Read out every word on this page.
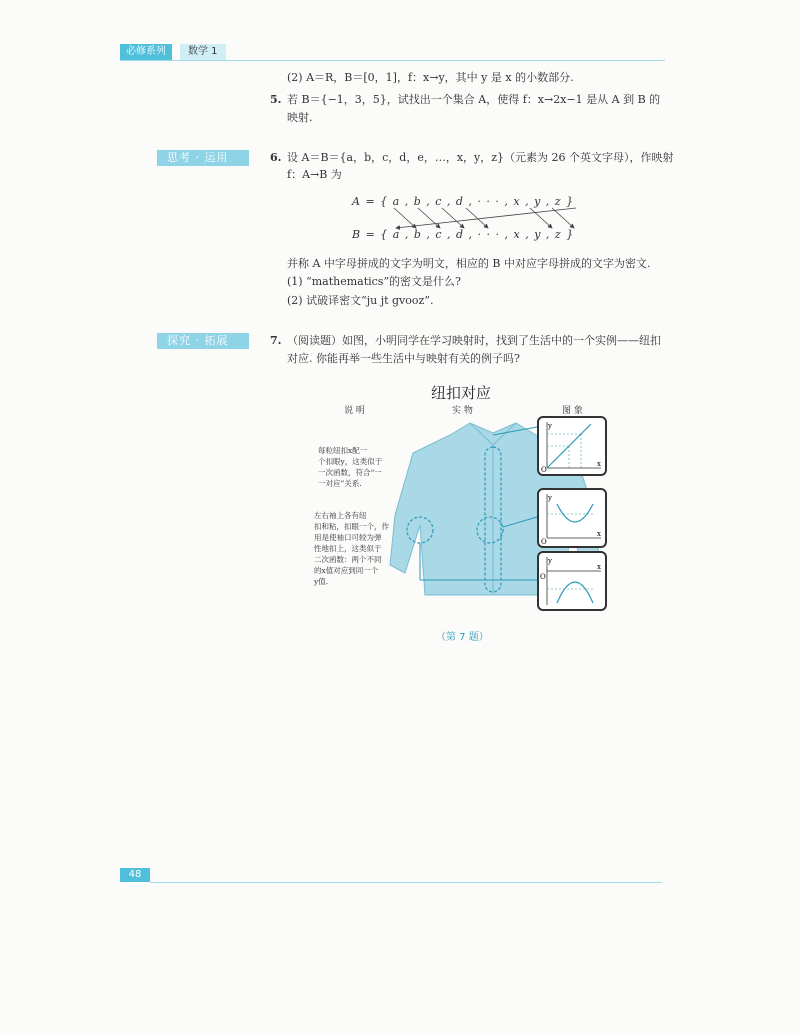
必修系列	数学 1
(2) A＝R，B＝[0，1]，f：x→y，其中 y 是 x 的小数部分.
5. 若 B＝{−1，3，5}，试找出一个集合 A，使得 f：x→2x−1 是从 A 到 B 的
映射.
思考 · 运用	6. 设 A＝B＝{a，b，c，d，e，…，x，y，z}（元素为 26 个英文字母），作映射
f：A→B 为
A = { a , b , c , d , · · · , x , y , z }
B = { a , b , c , d , · · · , x , y , z }
并称 A 中字母拼成的文字为明文，相应的 B 中对应字母拼成的文字为密文.
(1) “mathematics”的密文是什么?
(2) 试破译密文“ju jt gvooz”.
探究 · 拓展	7. （阅读题）如图，小明同学在学习映射时，找到了生活中的一个实例——纽扣
对应. 你能再举一些生活中与映射有关的例子吗?
纽扣对应
说 明	实 物	图 象
每粒纽扣x配一
个扣眼y，这类似于
一次函数，符合“一
一对应”关系.
左右袖上各有纽
扣和粘，扣眼一个，作
用是使袖口可较为弹
性地扣上，这类似于
二次函数：两个不同
的x值对应到同一个
y值.
y
x
O
y
x
O
y
x
O
（第 7 题）
48
